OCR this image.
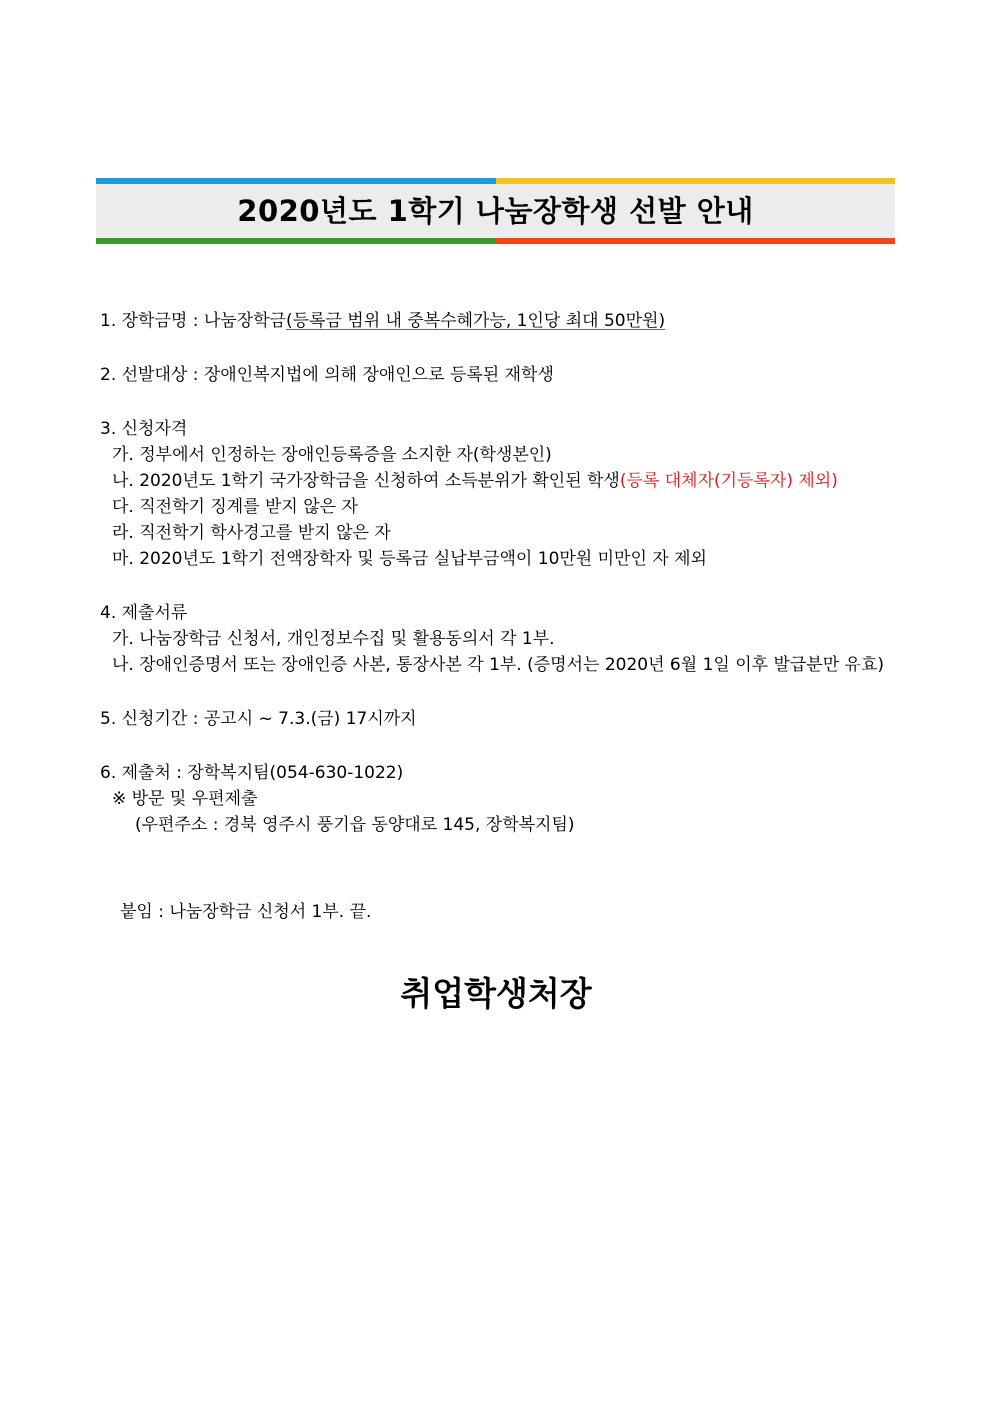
2020년도 1학기 나눔장학생 선발 안내
1. 장학금명 : 나눔장학금(등록금 범위 내 중복수혜가능, 1인당 최대 50만원)
2. 선발대상 : 장애인복지법에 의해 장애인으로 등록된 재학생
3. 신청자격
가. 정부에서 인정하는 장애인등록증을 소지한 자(학생본인)
나. 2020년도 1학기 국가장학금을 신청하여 소득분위가 확인된 학생(등록 대체자(기등록자) 제외)
다. 직전학기 징계를 받지 않은 자
라. 직전학기 학사경고를 받지 않은 자
마. 2020년도 1학기 전액장학자 및 등록금 실납부금액이 10만원 미만인 자 제외
4. 제출서류
가. 나눔장학금 신청서, 개인정보수집 및 활용동의서 각 1부.
나. 장애인증명서 또는 장애인증 사본, 통장사본 각 1부. (증명서는 2020년 6월 1일 이후 발급분만 유효)
5. 신청기간 : 공고시 ~ 7.3.(금) 17시까지
6. 제출처 : 장학복지팀(054-630-1022)
※ 방문 및 우편제출
(우편주소 : 경북 영주시 풍기읍 동양대로 145, 장학복지팀)
붙임 : 나눔장학금 신청서 1부. 끝.
취업학생처장
